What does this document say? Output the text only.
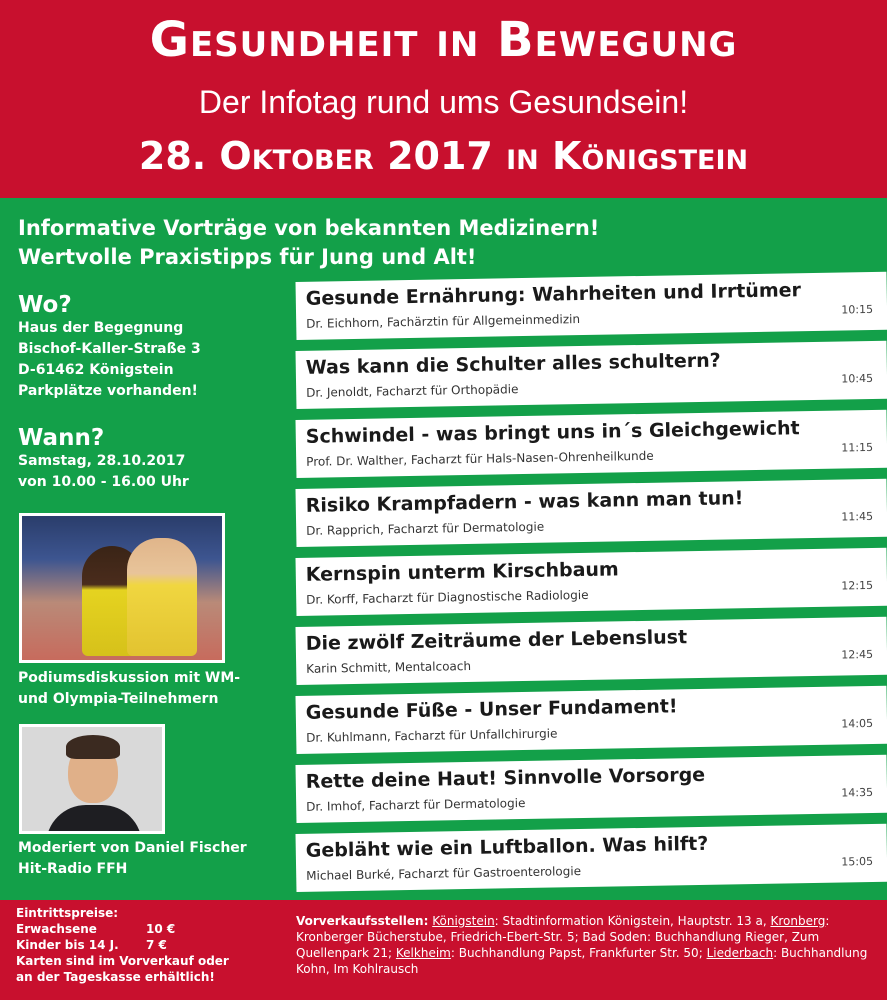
Gesundheit in Bewegung
Der Infotag rund ums Gesundsein!
28. Oktober 2017 in Königstein
Informative Vorträge von bekannten Medizinern!
Wertvolle Praxistipps für Jung und Alt!
Wo?

Haus der Begegnung

Bischof-Kaller-Straße 3

D-61462 Königstein

Parkplätze vorhanden!

Wann?

Samstag, 28.10.2017

von 10.00 - 16.00 Uhr

Podiumsdiskussion mit WM-
und Olympia-Teilnehmern
Moderiert von Daniel Fischer
Hit-Radio FFH
Gesunde Ernährung: Wahrheiten und Irrtümer
Dr. Eichhorn, Fachärztin für Allgemeinmedizin
10:15
Was kann die Schulter alles schultern?
Dr. Jenoldt, Facharzt für Orthopädie
10:45
Schwindel - was bringt uns in´s Gleichgewicht
Prof. Dr. Walther, Facharzt für Hals-Nasen-Ohrenheilkunde
11:15
Risiko Krampfadern - was kann man tun!
Dr. Rapprich, Facharzt für Dermatologie
11:45
Kernspin unterm Kirschbaum
Dr. Korff, Facharzt für Diagnostische Radiologie
12:15
Die zwölf Zeiträume der Lebenslust
Karin Schmitt, Mentalcoach
12:45
Gesunde Füße - Unser Fundament!
Dr. Kuhlmann, Facharzt für Unfallchirurgie
14:05
Rette deine Haut! Sinnvolle Vorsorge
Dr. Imhof, Facharzt für Dermatologie
14:35
Gebläht wie ein Luftballon. Was hilft?
Michael Burké, Facharzt für Gastroenterologie
15:05
Eintrittspreise:
Erwachsene	10 €
Kinder bis 14 J.	7 €
Karten sind im Vorverkauf oder
an der Tageskasse erhältlich!
Vorverkaufsstellen: Königstein: Stadtinformation Königstein, Hauptstr. 13 a, Kronberg: Kronberger Bücherstube, Friedrich-Ebert-Str. 5; Bad Soden: Buchhandlung Rieger, Zum Quellenpark 21; Kelkheim: Buchhandlung Papst, Frankfurter Str. 50; Liederbach: Buchhandlung Kohn, Im Kohlrausch
